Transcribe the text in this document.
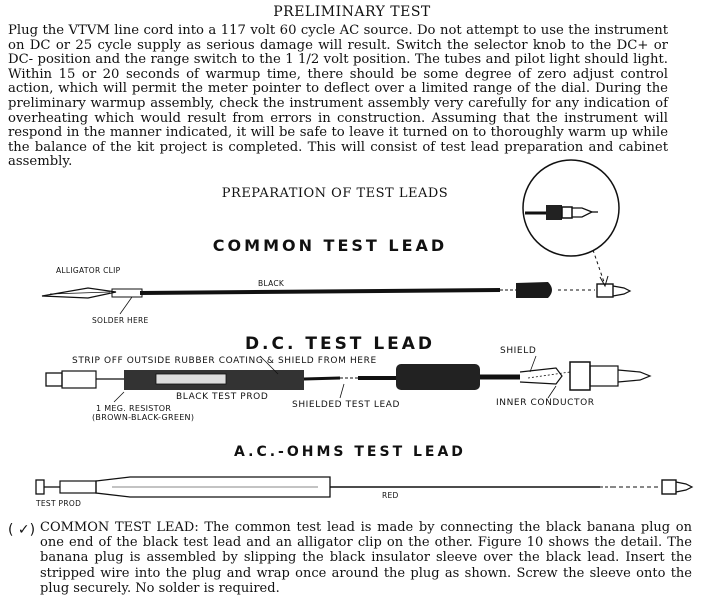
PRELIMINARY TEST
Plug the VTVM line cord into a 117 volt 60 cycle AC source. Do not attempt to use the instrument on DC or 25 cycle supply as serious damage will result. Switch the selector knob to the DC+ or DC- position and the range switch to the 1 1/2 volt position. The tubes and pilot light should light. Within 15 or 20 seconds of warmup time, there should be some degree of zero adjust control action, which will permit the meter pointer to deflect over a limited range of the dial. During the preliminary warmup assembly, check the instrument assembly very carefully for any indication of overheating which would result from errors in construction. Assuming that the instrument will respond in the manner indicated, it will be safe to leave it turned on to thoroughly warm up while the balance of the kit project is completed. This will consist of test lead preparation and cabinet assembly.
PREPARATION OF TEST LEADS
COMMON TEST LEAD
D.C. TEST LEAD
A.C.-OHMS TEST LEAD
ALLIGATOR CLIP
BLACK
SOLDER HERE
STRIP OFF OUTSIDE RUBBER COATING & SHIELD FROM HERE
SHIELD
BLACK TEST PROD
1 MEG. RESISTOR
(BROWN-BLACK-GREEN)
SHIELDED TEST LEAD	INNER CONDUCTOR
RED
TEST PROD
( ✓) COMMON TEST LEAD: The common test lead is made by connecting the black banana plug on one end of the black test lead and an alligator clip on the other. Figure 10 shows the detail. The banana plug is assembled by slipping the black insulator sleeve over the black lead. Insert the stripped wire into the plug and wrap once around the plug as shown. Screw the sleeve onto the plug securely. No solder is required.
